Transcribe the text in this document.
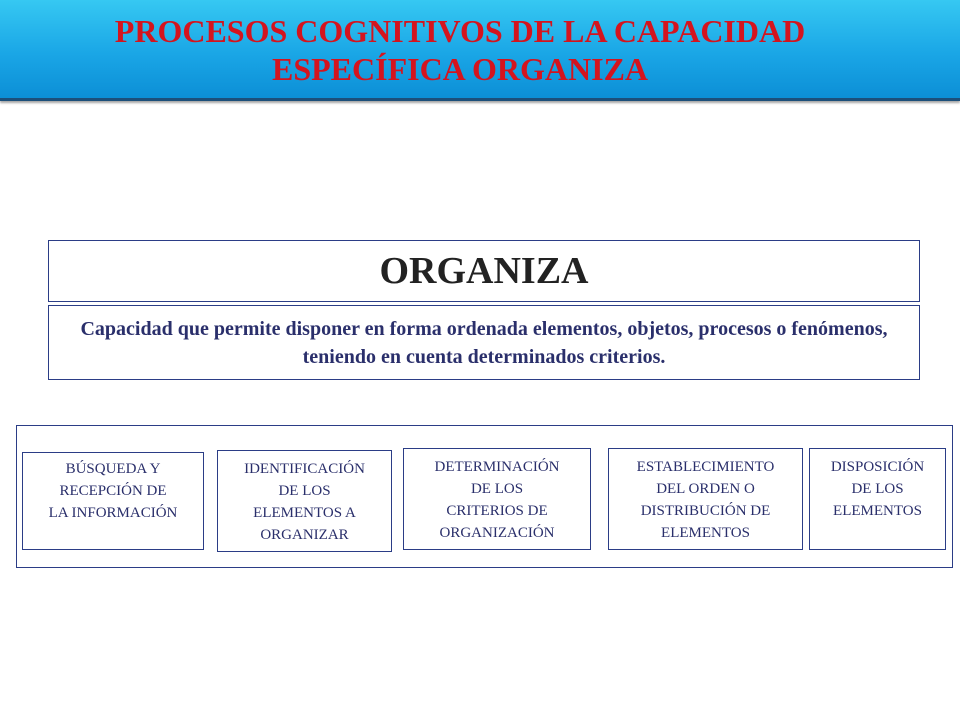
PROCESOS COGNITIVOS DE LA CAPACIDAD
ESPECÍFICA ORGANIZA
ORGANIZA
Capacidad que permite disponer en forma ordenada elementos, objetos, procesos o fenómenos, teniendo en cuenta determinados criterios.
BÚSQUEDA Y
RECEPCIÓN DE
LA INFORMACIÓN
IDENTIFICACIÓN
DE LOS
ELEMENTOS A
ORGANIZAR
DETERMINACIÓN
DE LOS
CRITERIOS DE
ORGANIZACIÓN
ESTABLECIMIENTO
DEL ORDEN O
DISTRIBUCIÓN DE
ELEMENTOS
DISPOSICIÓN
DE LOS
ELEMENTOS
